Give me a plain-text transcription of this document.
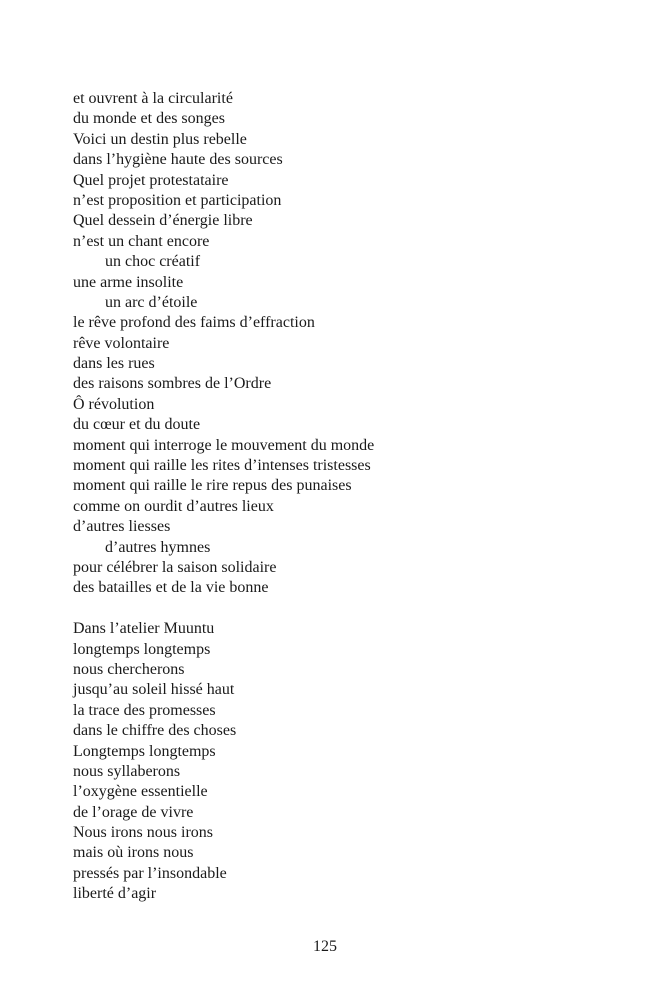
et ouvrent à la circularité
du monde et des songes
Voici un destin plus rebelle
dans l’hygiène haute des sources
Quel projet protestataire
n’est proposition et participation
Quel dessein d’énergie libre
n’est un chant encore
un choc créatif
une arme insolite
un arc d’étoile
le rêve profond des faims d’effraction
rêve volontaire
dans les rues
des raisons sombres de l’Ordre
Ô révolution
du cœur et du doute
moment qui interroge le mouvement du monde
moment qui raille les rites d’intenses tristesses
moment qui raille le rire repus des punaises
comme on ourdit d’autres lieux
d’autres liesses
d’autres hymnes
pour célébrer la saison solidaire
des batailles et de la vie bonne
Dans l’atelier Muuntu
longtemps longtemps
nous chercherons
jusqu’au soleil hissé haut
la trace des promesses
dans le chiffre des choses
Longtemps longtemps
nous syllaberons
l’oxygène essentielle
de l’orage de vivre
Nous irons nous irons
mais où irons nous
pressés par l’insondable
liberté d’agir
125
